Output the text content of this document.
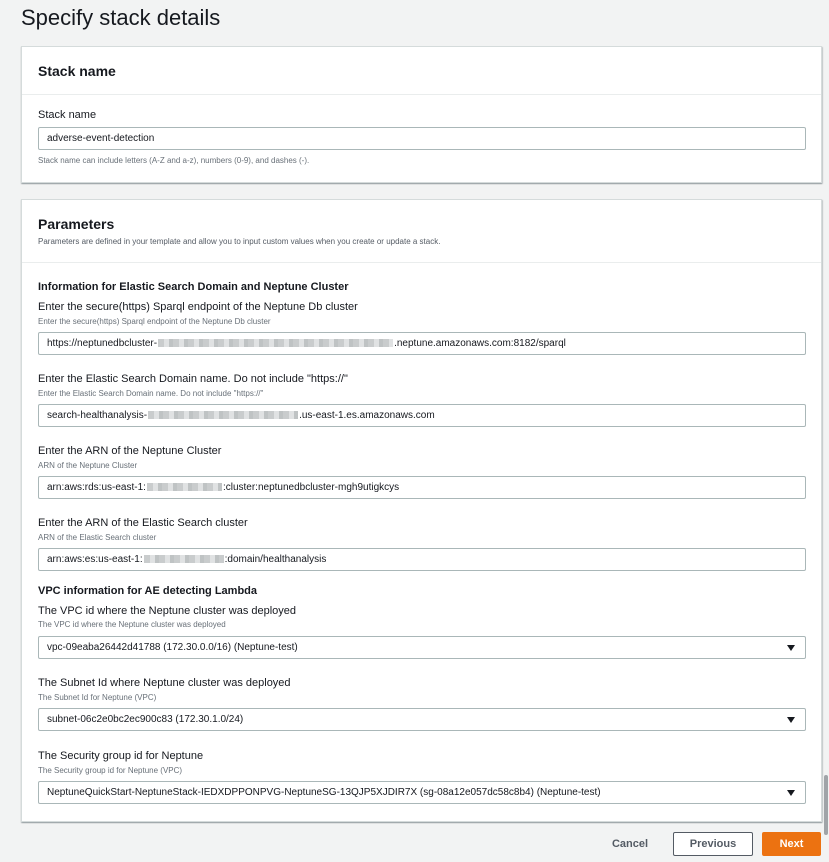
Specify stack details
Stack name
Stack name
adverse-event-detection
Stack name can include letters (A-Z and a-z), numbers (0-9), and dashes (-).
Parameters
Parameters are defined in your template and allow you to input custom values when you create or update a stack.
Information for Elastic Search Domain and Neptune Cluster
Enter the secure(https) Sparql endpoint of the Neptune Db cluster
Enter the secure(https) Sparql endpoint of the Neptune Db cluster
https://neptunedbcluster-	.neptune.amazonaws.com:8182/sparql
Enter the Elastic Search Domain name. Do not include "https://"
Enter the Elastic Search Domain name. Do not include "https://"
search-healthanalysis-	.us-east-1.es.amazonaws.com
Enter the ARN of the Neptune Cluster
ARN of the Neptune Cluster
arn:aws:rds:us-east-1:	:cluster:neptunedbcluster-mgh9utigkcys
Enter the ARN of the Elastic Search cluster
ARN of the Elastic Search cluster
arn:aws:es:us-east-1:	:domain/healthanalysis
VPC information for AE detecting Lambda
The VPC id where the Neptune cluster was deployed
The VPC id where the Neptune cluster was deployed
vpc-09eaba26442d41788 (172.30.0.0/16) (Neptune-test)
The Subnet Id where Neptune cluster was deployed
The Subnet Id for Neptune (VPC)
subnet-06c2e0bc2ec900c83 (172.30.1.0/24)
The Security group id for Neptune
The Security group id for Neptune (VPC)
NeptuneQuickStart-NeptuneStack-IEDXDPPONPVG-NeptuneSG-13QJP5XJDIR7X (sg-08a12e057dc58c8b4) (Neptune-test)
Cancel	Previous	Next
